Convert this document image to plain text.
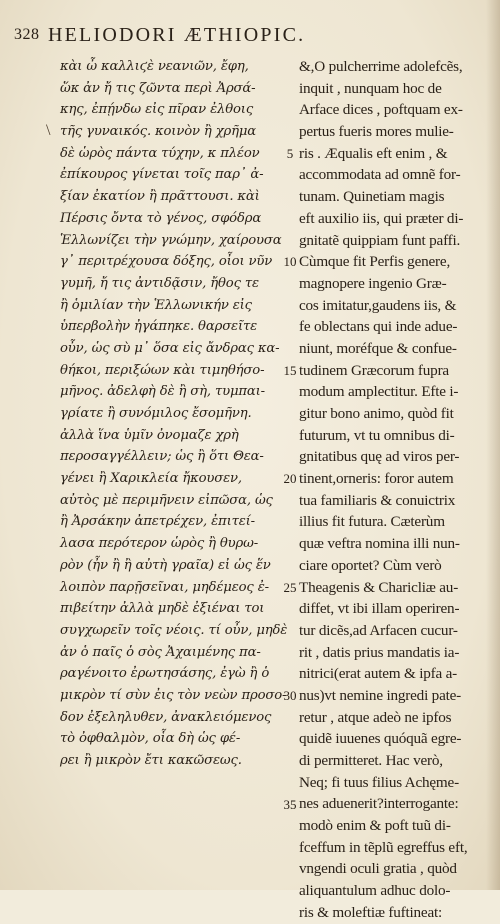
328 HELIODORI ÆTHIOPIC.
\
κὰι ὦ καλλιϛὲ νεανιῶν, ἔφη,
ὥκ ἀν ἤ τις ζῶντα περὶ Ἀρσά-
κης, ἐπῄνδω εἰς πῖραν ἐλθοις
τῆς γυναικός. κοινὸν ἢ χρῆμα
δὲ ὡρὸς πάντα τύχην, κ πλέον
ἐπίκουρος γίνεται τοῖς παρ᾽ ἀ-
ξίαν ἐκατίον ἢ πρᾶττουσι. κὰὶ
Πέρσις ὄντα τὸ γένος, σφόδρα
Ἑλλωνίζει τὴν γνώμην, χαίρουσα
γ᾽ περιτρέχουσα δόξης, οἶοι νῦν
γυμῆ, ἤ τις ἀντιδᾷσιν, ἤθος τε
ἢ ὁμιλίαν τὴν Ἑλλωνικήν εἰς
ὑπερβολὴν ἠγάπηκε. θαρσεῖτε
οὖν, ὡς σὺ μ᾽ ὅσα εἰς ἄνδρας κα-
θήκοι, περιξώων κὰι τιμηθήσο-
μῆνος. ἀδελφὴ δὲ ἢ σὴ, τυμπαι-
γρίατε ἢ συνόμιλος ἔσομῆνη.
ἀλλὰ ἵνα ὑμῖν ὀνομαζε χρὴ
περοσαγγέλλειν; ὡς ἢ ὅτι Θεα-
γένει ἢ Χαρικλεία ἤκουσεν,
αὐτὸς μὲ περιμῆνειν εἰπῶσα, ὡς
ἢ Ἀρσάκην ἀπετρέχεν, ἐπιτεί-
λασα περότερον ὡρὸς ἢ θυρω-
ρὸν (ἦν ἢ ἢ αὐτὴ γραῖα) εἰ ὡς ἕν
λοιπὸν παρῇσεῖναι, μηδέμεος ἐ-
πιβείτην ἀλλὰ μηδὲ ἐξιέναι τοι
συγχωρεῖν τοῖς νέοις. τί οὖν, μηδὲ
ἀν ὁ παῖς ὁ σὸς Ἀχαιμένης πα-
ραγένοιτο ἐρωτησάσης, ἐγὼ ἢ ὁ
μικρὸν τί σὺν ἐις τὸν νεὼν προσο-
δον ἐξεληλυθεν, ἀνακλειόμενος
τὸ ὀφθαλμὸν, οἷα δὴ ὡς φέ-
ρει ἢ μικρὸν ἔτι κακῶσεως.
5
10
15
20
25
30
35
&,O pulcherrime adolefcẽs,
inquit , nunquam hoc de
Arface dices , poftquam ex-
pertus fueris mores mulie-
ris . Æqualis eft enim , &
accommodata ad omnẽ for-
tunam. Quinetiam magis
eft auxilio iis, qui præter di-
gnitatẽ quippiam funt paffi.
Cùmque fit Perfis genere,
magnopere ingenio Græ-
cos imitatur,gaudens iis, &
fe oblectans qui inde adue-
niunt, moréfque & confue-
tudinem Græcorum fupra
modum amplectitur. Efte i-
gitur bono animo, quòd fit
futurum, vt tu omnibus di-
gnitatibus quę ad viros per-
tinent,orneris: foror autem
tua familiaris & conuictrix
illius fit futura. Cæterùm
quæ veftra nomina illi nun-
ciare oportet? Cùm verò
Theagenis & Charicliæ au-
diffet, vt ibi illam operiren-
tur dicẽs,ad Arfacen cucur-
rit , datis prius mandatis ia-
nitrici(erat autem & ipfa a-
nus)vt nemine ingredi pate-
retur , atque adeò ne ipfos
quidẽ iuuenes quóquã egre-
di permitteret. Hac verò,
Neq; fi tuus filius Achęme-
nes aduenerit?interrogante:
modò enim & poft tuũ di-
fceffum in tẽplũ egreffus eft,
vngendi oculi gratia , quòd
aliquantulum adhuc dolo-
ris & moleftiæ fuftineat:
